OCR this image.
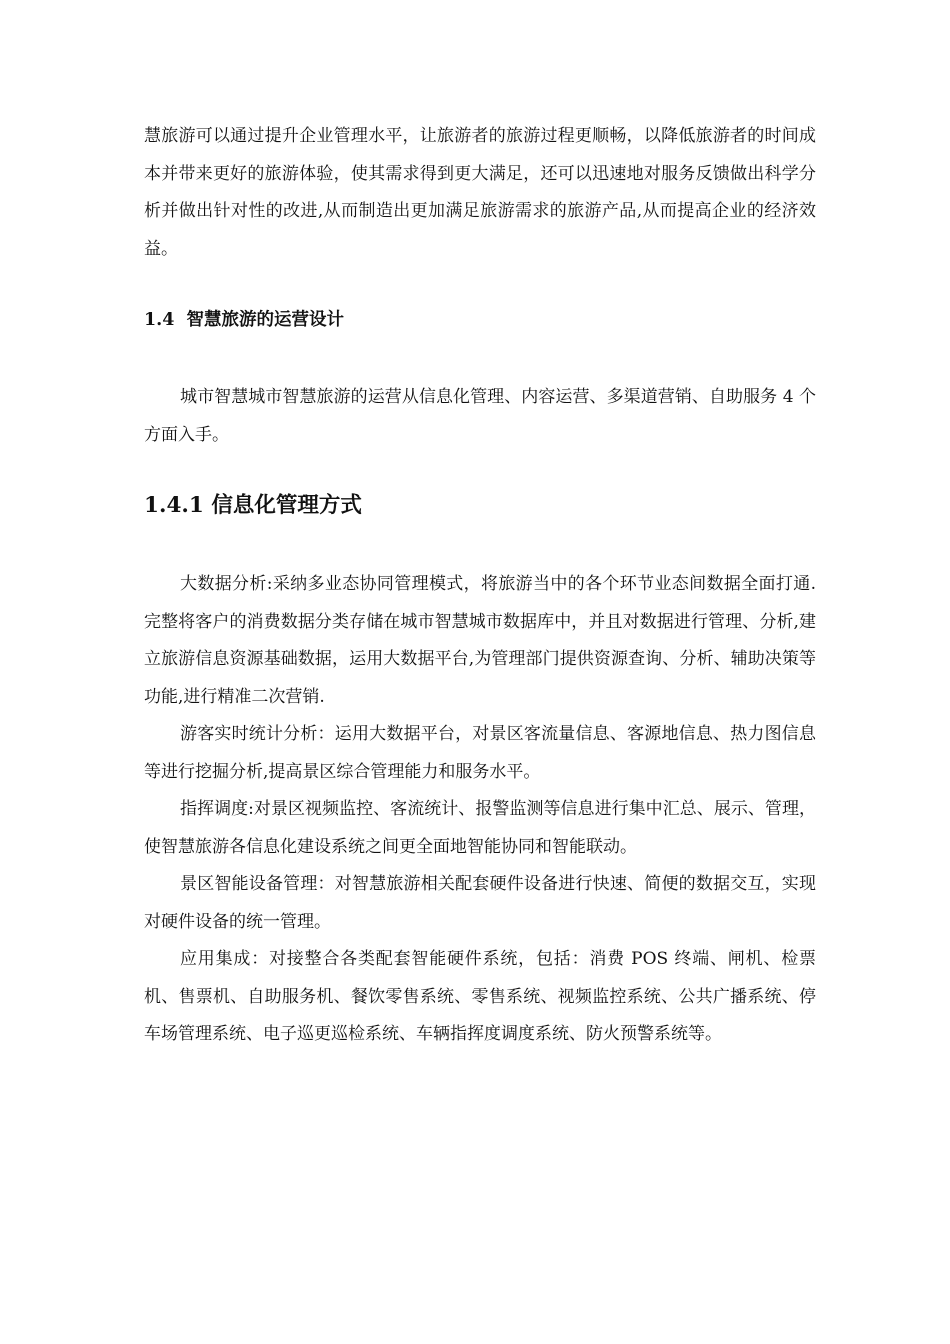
慧旅游可以通过提升企业管理水平，让旅游者的旅游过程更顺畅，以降低旅游者的时间成本并带来更好的旅游体验，使其需求得到更大满足，还可以迅速地对服务反馈做出科学分析并做出针对性的改进,从而制造出更加满足旅游需求的旅游产品,从而提高企业的经济效益。

1.4 智慧旅游的运营设计

城市智慧城市智慧旅游的运营从信息化管理、内容运营、多渠道营销、自助服务 4 个方面入手。

1.4.1 信息化管理方式

大数据分析:采纳多业态协同管理模式，将旅游当中的各个环节业态间数据全面打通.完整将客户的消费数据分类存储在城市智慧城市数据库中，并且对数据进行管理、分析,建立旅游信息资源基础数据，运用大数据平台,为管理部门提供资源查询、分析、辅助决策等功能,进行精准二次营销.

游客实时统计分析：运用大数据平台，对景区客流量信息、客源地信息、热力图信息等进行挖掘分析,提高景区综合管理能力和服务水平。

指挥调度:对景区视频监控、客流统计、报警监测等信息进行集中汇总、展示、管理，使智慧旅游各信息化建设系统之间更全面地智能协同和智能联动。

景区智能设备管理：对智慧旅游相关配套硬件设备进行快速、简便的数据交互，实现对硬件设备的统一管理。

应用集成：对接整合各类配套智能硬件系统，包括：消费 POS 终端、闸机、检票机、售票机、自助服务机、餐饮零售系统、零售系统、视频监控系统、公共广播系统、停车场管理系统、电子巡更巡检系统、车辆指挥度调度系统、防火预警系统等。
